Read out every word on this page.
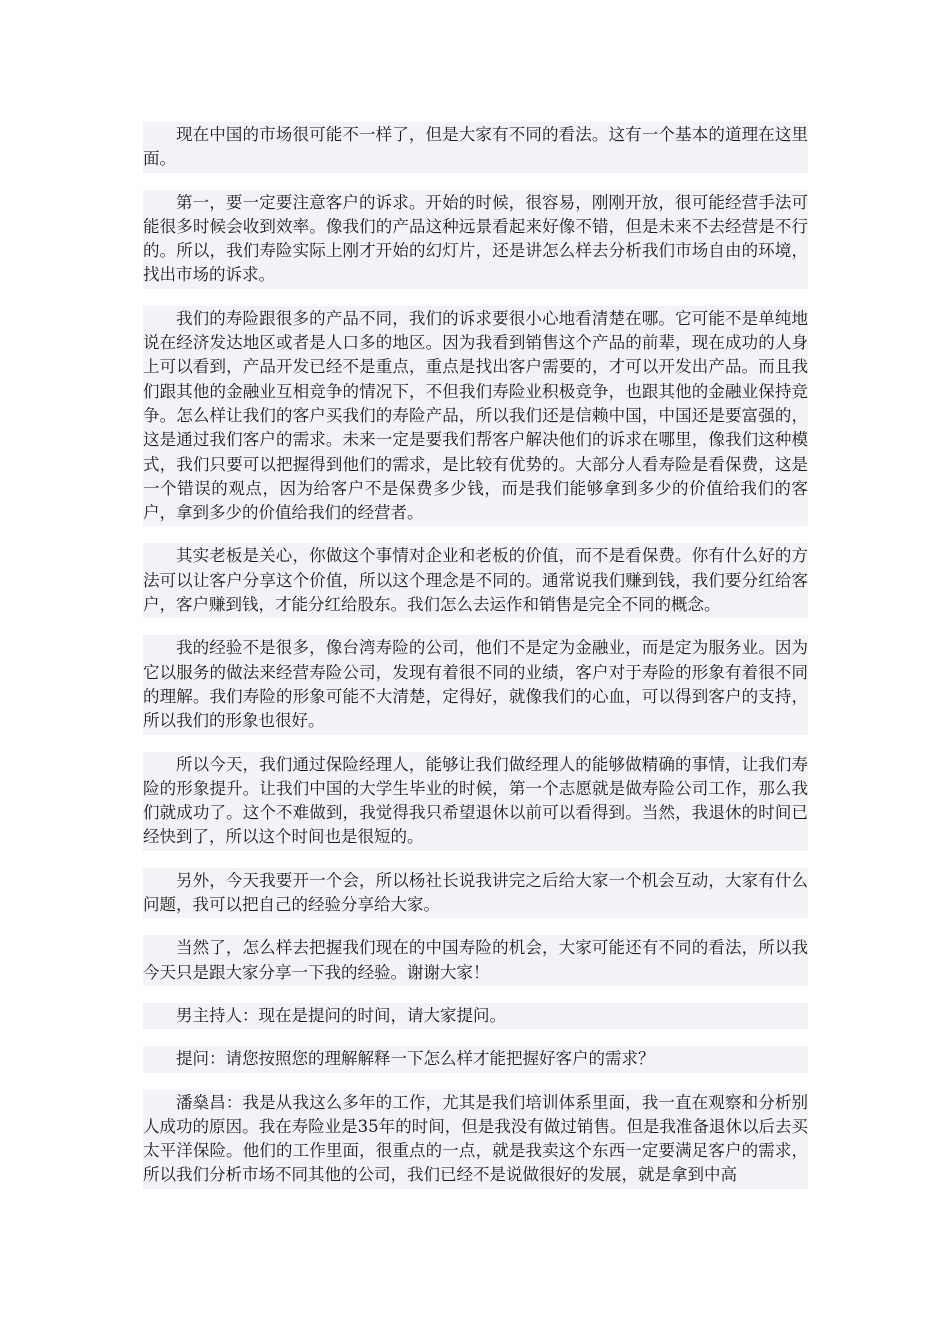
现在中国的市场很可能不一样了，但是大家有不同的看法。这有一个基本的道理在这里面。

第一，要一定要注意客户的诉求。开始的时候，很容易，刚刚开放，很可能经营手法可能很多时候会收到效率。像我们的产品这种远景看起来好像不错，但是未来不去经营是不行的。所以，我们寿险实际上刚才开始的幻灯片，还是讲怎么样去分析我们市场自由的环境，找出市场的诉求。

我们的寿险跟很多的产品不同，我们的诉求要很小心地看清楚在哪。它可能不是单纯地说在经济发达地区或者是人口多的地区。因为我看到销售这个产品的前辈，现在成功的人身上可以看到，产品开发已经不是重点，重点是找出客户需要的，才可以开发出产品。而且我们跟其他的金融业互相竞争的情况下，不但我们寿险业积极竞争，也跟其他的金融业保持竞争。怎么样让我们的客户买我们的寿险产品，所以我们还是信赖中国，中国还是要富强的，这是通过我们客户的需求。未来一定是要我们帮客户解决他们的诉求在哪里，像我们这种模式，我们只要可以把握得到他们的需求，是比较有优势的。大部分人看寿险是看保费，这是一个错误的观点，因为给客户不是保费多少钱，而是我们能够拿到多少的价值给我们的客户，拿到多少的价值给我们的经营者。

其实老板是关心，你做这个事情对企业和老板的价值，而不是看保费。你有什么好的方法可以让客户分享这个价值，所以这个理念是不同的。通常说我们赚到钱，我们要分红给客户，客户赚到钱，才能分红给股东。我们怎么去运作和销售是完全不同的概念。

我的经验不是很多，像台湾寿险的公司，他们不是定为金融业，而是定为服务业。因为它以服务的做法来经营寿险公司，发现有着很不同的业绩，客户对于寿险的形象有着很不同的理解。我们寿险的形象可能不大清楚，定得好，就像我们的心血，可以得到客户的支持，所以我们的形象也很好。

所以今天，我们通过保险经理人，能够让我们做经理人的能够做精确的事情，让我们寿险的形象提升。让我们中国的大学生毕业的时候，第一个志愿就是做寿险公司工作，那么我们就成功了。这个不难做到，我觉得我只希望退休以前可以看得到。当然，我退休的时间已经快到了，所以这个时间也是很短的。

另外，今天我要开一个会，所以杨社长说我讲完之后给大家一个机会互动，大家有什么问题，我可以把自己的经验分享给大家。

当然了，怎么样去把握我们现在的中国寿险的机会，大家可能还有不同的看法，所以我今天只是跟大家分享一下我的经验。谢谢大家！

男主持人：现在是提问的时间，请大家提问。

提问：请您按照您的理解解释一下怎么样才能把握好客户的需求？

潘燊昌：我是从我这么多年的工作，尤其是我们培训体系里面，我一直在观察和分析别人成功的原因。我在寿险业是35年的时间，但是我没有做过销售。但是我准备退休以后去买太平洋保险。他们的工作里面，很重点的一点，就是我卖这个东西一定要满足客户的需求，所以我们分析市场不同其他的公司，我们已经不是说做很好的发展，就是拿到中高
